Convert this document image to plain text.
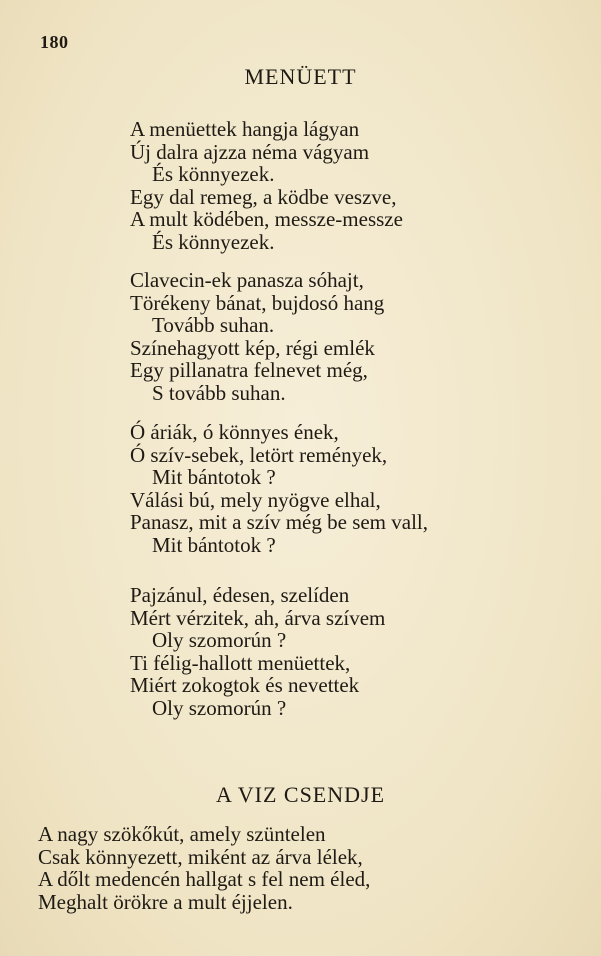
180
MENÜETT
A menüettek hangja lágyan
Új dalra ajzza néma vágyam
És könnyezek.
Egy dal remeg, a ködbe veszve,
A mult ködében, messze-messze
És könnyezek.
Clavecin-ek panasza sóhajt,
Törékeny bánat, bujdosó hang
Tovább suhan.
Színehagyott kép, régi emlék
Egy pillanatra felnevet még,
S tovább suhan.
Ó áriák, ó könnyes ének,
Ó szív-sebek, letört remények,
Mit bántotok ?
Válási bú, mely nyögve elhal,
Panasz, mit a szív még be sem vall,
Mit bántotok ?
Pajzánul, édesen, szelíden
Mért vérzitek, ah, árva szívem
Oly szomorún ?
Ti félig-hallott menüettek,
Miért zokogtok és nevettek
Oly szomorún ?
A VIZ CSENDJE
A nagy szökőkút, amely szüntelen
Csak könnyezett, miként az árva lélek,
A dőlt medencén hallgat s fel nem éled,
Meghalt örökre a mult éjjelen.
